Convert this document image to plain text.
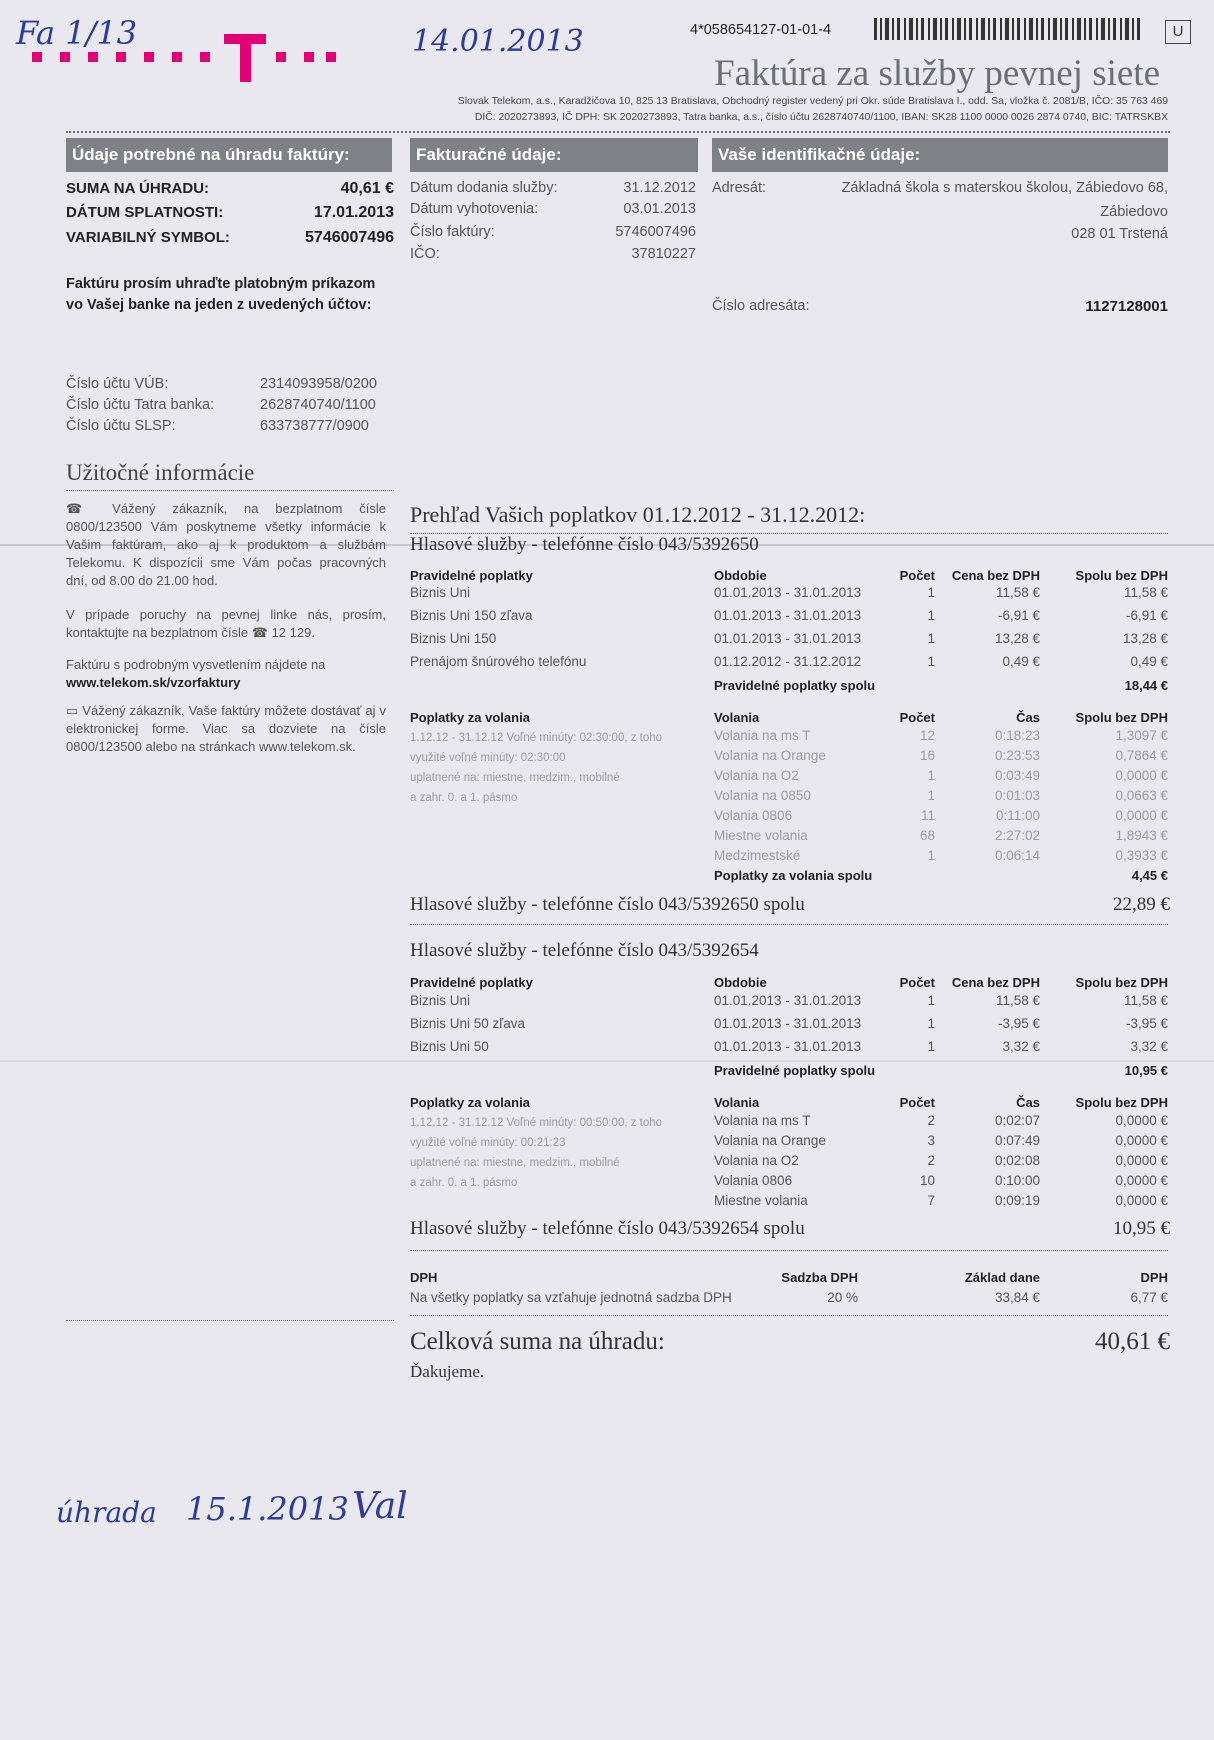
Fa 1/13	14.01.2013	4*058654127-01-01-4	U
Faktúra za služby pevnej siete
Slovak Telekom, a.s., Karadžičova 10, 825 13 Bratislava, Obchodný register vedený pri Okr. súde Bratislava I., odd. Sa, vložka č. 2081/B, IČO: 35 763 469
DIČ: 2020273893, IČ DPH: SK 2020273893, Tatra banka, a.s., číslo účtu 2628740740/1100, IBAN: SK28 1100 0000 0026 2874 0740, BIC: TATRSKBX
Údaje potrebné na úhradu faktúry:	Fakturačné údaje:	Vaše identifikačné údaje:
SUMA NA ÚHRADU:	40,61 €
DÁTUM SPLATNOSTI:	17.01.2013
VARIABILNÝ SYMBOL:	5746007496
Faktúru prosím uhraďte platobným príkazom
vo Vašej banke na jeden z uvedených účtov:
Číslo účtu VÚB:	2314093958/0200
Číslo účtu Tatra banka:	2628740740/1100
Číslo účtu SLSP:	633738777/0900
Dátum dodania služby:	31.12.2012
Dátum vyhotovenia:	03.01.2013
Číslo faktúry:	5746007496
IČO:	37810227
Adresát:	Základná škola s materskou školou, Zábiedovo 68,
Zábiedovo
028 01 Trstená
Číslo adresáta:	1127128001
Užitočné informácie
☎ Vážený zákazník, na bezplatnom čísle 0800/123500 Vám poskytneme všetky informácie k Vašim faktúram, ako aj k produktom a službám Telekomu. K dispozícii sme Vám počas pracovných dní, od 8.00 do 21.00 hod.
V prípade poruchy na pevnej linke nás, prosím, kontaktujte na bezplatnom čísle ☎ 12 129.
Faktúru s podrobným vysvetlením nájdete na
www.telekom.sk/vzorfaktury
▭ Vážený zákazník, Vaše faktúry môžete dostávať aj v elektronickej forme. Viac sa dozviete na čísle 0800/123500 alebo na stránkach www.telekom.sk.
Prehľad Vašich poplatkov 01.12.2012 - 31.12.2012:
Hlasové služby - telefónne číslo 043/5392650
Pravidelné poplatky	Obdobie	Počet	Cena bez DPH	Spolu bez DPH
Biznis Uni	01.01.2013 - 31.01.2013	1	11,58 €	11,58 €
Biznis Uni 150 zľava	01.01.2013 - 31.01.2013	1	-6,91 €	-6,91 €
Biznis Uni 150	01.01.2013 - 31.01.2013	1	13,28 €	13,28 €
Prenájom šnúrového telefónu	01.12.2012 - 31.12.2012	1	0,49 €	0,49 €
Pravidelné poplatky spolu	18,44 €
Poplatky za volania	Volania	Počet	Čas	Spolu bez DPH
1.12.12 - 31.12.12 Voľné minúty: 02:30:00, z toho
využité voľné minúty: 02:30:00
uplatnené na: miestne, medzim., mobilné
a zahr. 0. a 1. pásmo
Volania na ms T	12	0:18:23	1,3097 €
Volania na Orange	16	0:23:53	0,7864 €
Volania na O2	1	0:03:49	0,0000 €
Volania na 0850	1	0:01:03	0,0663 €
Volania 0806	11	0:11:00	0,0000 €
Miestne volania	68	2:27:02	1,8943 €
Medzimestské	1	0:06:14	0,3933 €
Poplatky za volania spolu	4,45 €
Hlasové služby - telefónne číslo 043/5392650 spolu	22,89 €
Hlasové služby - telefónne číslo 043/5392654
Pravidelné poplatky	Obdobie	Počet	Cena bez DPH	Spolu bez DPH
Biznis Uni	01.01.2013 - 31.01.2013	1	11,58 €	11,58 €
Biznis Uni 50 zľava	01.01.2013 - 31.01.2013	1	-3,95 €	-3,95 €
Biznis Uni 50	01.01.2013 - 31.01.2013	1	3,32 €	3,32 €
Pravidelné poplatky spolu	10,95 €
Poplatky za volania	Volania	Počet	Čas	Spolu bez DPH
1.12.12 - 31.12.12 Voľné minúty: 00:50:00, z toho
využité voľné minúty: 00:21:23
uplatnené na: miestne, medzim., mobilné
a zahr. 0. a 1. pásmo
Volania na ms T	2	0:02:07	0,0000 €
Volania na Orange	3	0:07:49	0,0000 €
Volania na O2	2	0:02:08	0,0000 €
Volania 0806	10	0:10:00	0,0000 €
Miestne volania	7	0:09:19	0,0000 €
Hlasové služby - telefónne číslo 043/5392654 spolu	10,95 €
DPH	Sadzba DPH	Základ dane	DPH
Na všetky poplatky sa vzťahuje jednotná sadzba DPH	20 %	33,84 €	6,77 €
Celková suma na úhradu:	40,61 €
Ďakujeme.
úhrada 15.1.2013 Val
